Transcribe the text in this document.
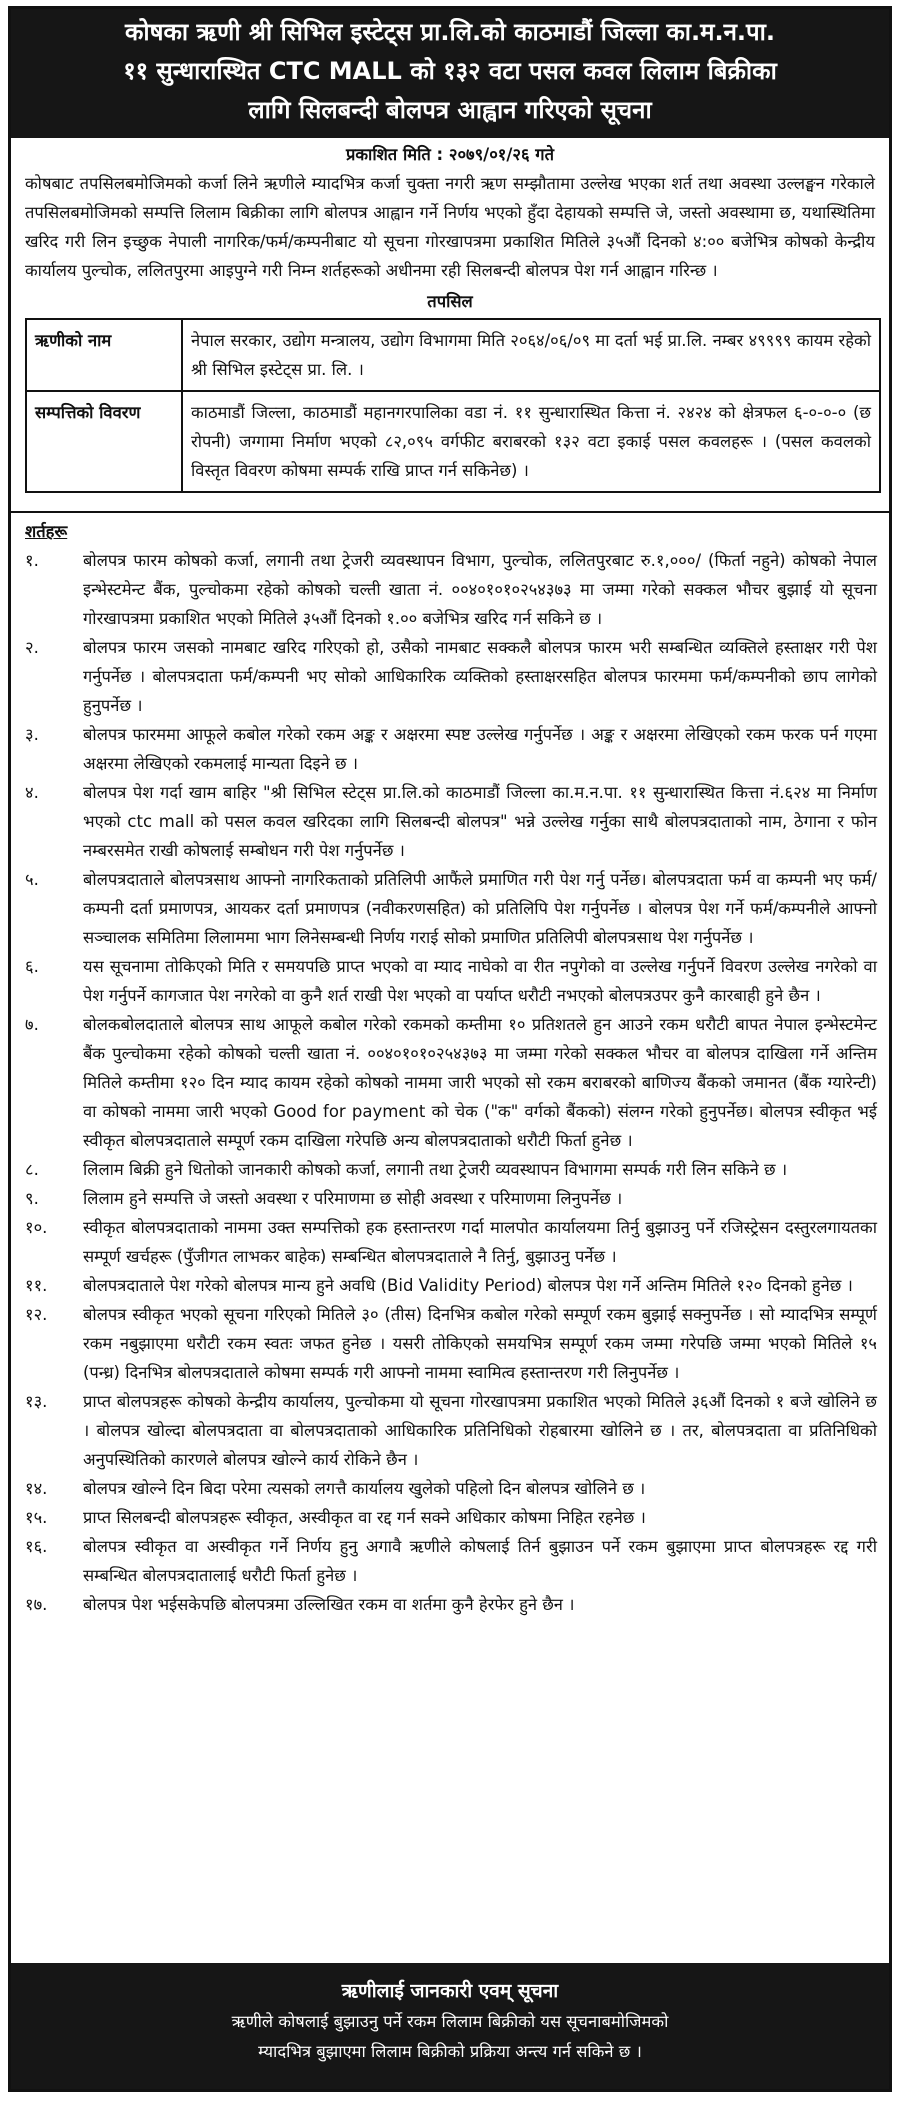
कोषका ऋणी श्री सिभिल इस्टेट्स प्रा.लि.को काठमाडौं जिल्ला का.म.न.पा.
११ सुन्धारास्थित CTC MALL को १३२ वटा पसल कवल लिलाम बिक्रीका
लागि सिलबन्दी बोलपत्र आह्वान गरिएको सूचना
प्रकाशित मिति : २०७९/०१/२६ गते
कोषबाट तपसिलबमोजिमको कर्जा लिने ऋणीले म्यादभित्र कर्जा चुक्ता नगरी ऋण सम्झौतामा उल्लेख भएका शर्त तथा अवस्था उल्लङ्घन गरेकाले तपसिलबमोजिमको सम्पत्ति लिलाम बिक्रीका लागि बोलपत्र आह्वान गर्ने निर्णय भएको हुँदा देहायको सम्पत्ति जे, जस्तो अवस्थामा छ, यथास्थितिमा खरिद गरी लिन इच्छुक नेपाली नागरिक/फर्म/कम्पनीबाट यो सूचना गोरखापत्रमा प्रकाशित मितिले ३५औं दिनको ४:०० बजेभित्र कोषको केन्द्रीय कार्यालय पुल्चोक, ललितपुरमा आइपुग्ने गरी निम्न शर्तहरूको अधीनमा रही सिलबन्दी बोलपत्र पेश गर्न आह्वान गरिन्छ ।
तपसिल
ऋणीको नाम	नेपाल सरकार, उद्योग मन्त्रालय, उद्योग विभागमा मिति २०६४/०६/०९ मा दर्ता भई प्रा.लि. नम्बर ४९९९९ कायम रहेको श्री सिभिल इस्टेट्स प्रा. लि. ।
सम्पत्तिको विवरण	काठमाडौं जिल्ला, काठमाडौं महानगरपालिका वडा नं. ११ सुन्धारास्थित कित्ता नं. २४२४ को क्षेत्रफल ६-०-०-० (छ रोपनी) जग्गामा निर्माण भएको ८२,०९५ वर्गफीट बराबरको १३२ वटा इकाई पसल कवलहरू । (पसल कवलको विस्तृत विवरण कोषमा सम्पर्क राखि प्राप्त गर्न सकिनेछ) ।
शर्तहरू
१.	बोलपत्र फारम कोषको कर्जा, लगानी तथा ट्रेजरी व्यवस्थापन विभाग, पुल्चोक, ललितपुरबाट रु.१,०००/ (फिर्ता नहुने) कोषको नेपाल इन्भेस्टमेन्ट बैंक, पुल्चोकमा रहेको कोषको चल्ती खाता नं. ००४०१०१०२५४३७३ मा जम्मा गरेको सक्कल भौचर बुझाई यो सूचना गोरखापत्रमा प्रकाशित भएको मितिले ३५औं दिनको १.०० बजेभित्र खरिद गर्न सकिने छ ।
२.	बोलपत्र फारम जसको नामबाट खरिद गरिएको हो, उसैको नामबाट सक्कलै बोलपत्र फारम भरी सम्बन्धित व्यक्तिले हस्ताक्षर गरी पेश गर्नुपर्नेछ । बोलपत्रदाता फर्म/कम्पनी भए सोको आधिकारिक व्यक्तिको हस्ताक्षरसहित बोलपत्र फारममा फर्म/कम्पनीको छाप लागेको हुनुपर्नेछ ।
३.	बोलपत्र फारममा आफूले कबोल गरेको रकम अङ्क र अक्षरमा स्पष्ट उल्लेख गर्नुपर्नेछ । अङ्क र अक्षरमा लेखिएको रकम फरक पर्न गएमा अक्षरमा लेखिएको रकमलाई मान्यता दिइने छ ।
४.	बोलपत्र पेश गर्दा खाम बाहिर "श्री सिभिल स्टेट्स प्रा.लि.को काठमाडौं जिल्ला का.म.न.पा. ११ सुन्धारास्थित कित्ता नं.६२४ मा निर्माण भएको ctc mall को पसल कवल खरिदका लागि सिलबन्दी बोलपत्र" भन्ने उल्लेख गर्नुका साथै बोलपत्रदाताको नाम, ठेगाना र फोन नम्बरसमेत राखी कोषलाई सम्बोधन गरी पेश गर्नुपर्नेछ ।
५.	बोलपत्रदाताले बोलपत्रसाथ आफ्नो नागरिकताको प्रतिलिपी आफैंले प्रमाणित गरी पेश गर्नु पर्नेछ। बोलपत्रदाता फर्म वा कम्पनी भए फर्म/कम्पनी दर्ता प्रमाणपत्र, आयकर दर्ता प्रमाणपत्र (नवीकरणसहित) को प्रतिलिपि पेश गर्नुपर्नेछ । बोलपत्र पेश गर्ने फर्म/कम्पनीले आफ्नो सञ्चालक समितिमा लिलाममा भाग लिनेसम्बन्धी निर्णय गराई सोको प्रमाणित प्रतिलिपी बोलपत्रसाथ पेश गर्नुपर्नेछ ।
६.	यस सूचनामा तोकिएको मिति र समयपछि प्राप्त भएको वा म्याद नाघेको वा रीत नपुगेको वा उल्लेख गर्नुपर्ने विवरण उल्लेख नगरेको वा पेश गर्नुपर्ने कागजात पेश नगरेको वा कुनै शर्त राखी पेश भएको वा पर्याप्त धरौटी नभएको बोलपत्रउपर कुनै कारबाही हुने छैन ।
७.	बोलकबोलदाताले बोलपत्र साथ आफूले कबोल गरेको रकमको कम्तीमा १० प्रतिशतले हुन आउने रकम धरौटी बापत नेपाल इन्भेस्टमेन्ट बैंक पुल्चोकमा रहेको कोषको चल्ती खाता नं. ००४०१०१०२५४३७३ मा जम्मा गरेको सक्कल भौचर वा बोलपत्र दाखिला गर्ने अन्तिम मितिले कम्तीमा १२० दिन म्याद कायम रहेको कोषको नाममा जारी भएको सो रकम बराबरको बाणिज्य बैंकको जमानत (बैंक ग्यारेन्टी) वा कोषको नाममा जारी भएको Good for payment को चेक ("क" वर्गको बैंकको) संलग्न गरेको हुनुपर्नेछ। बोलपत्र स्वीकृत भई स्वीकृत बोलपत्रदाताले सम्पूर्ण रकम दाखिला गरेपछि अन्य बोलपत्रदाताको धरौटी फिर्ता हुनेछ ।
८.	लिलाम बिक्री हुने धितोको जानकारी कोषको कर्जा, लगानी तथा ट्रेजरी व्यवस्थापन विभागमा सम्पर्क गरी लिन सकिने छ ।
९.	लिलाम हुने सम्पत्ति जे जस्तो अवस्था र परिमाणमा छ सोही अवस्था र परिमाणमा लिनुपर्नेछ ।
१०.	स्वीकृत बोलपत्रदाताको नाममा उक्त सम्पत्तिको हक हस्तान्तरण गर्दा मालपोत कार्यालयमा तिर्नु बुझाउनु पर्ने रजिस्ट्रेसन दस्तुरलगायतका सम्पूर्ण खर्चहरू (पुँजीगत लाभकर बाहेक) सम्बन्धित बोलपत्रदाताले नै तिर्नु, बुझाउनु पर्नेछ ।
११.	बोलपत्रदाताले पेश गरेको बोलपत्र मान्य हुने अवधि (Bid Validity Period) बोलपत्र पेश गर्ने अन्तिम मितिले १२० दिनको हुनेछ ।
१२.	बोलपत्र स्वीकृत भएको सूचना गरिएको मितिले ३० (तीस) दिनभित्र कबोल गरेको सम्पूर्ण रकम बुझाई सक्नुपर्नेछ । सो म्यादभित्र सम्पूर्ण रकम नबुझाएमा धरौटी रकम स्वतः जफत हुनेछ । यसरी तोकिएको समयभित्र सम्पूर्ण रकम जम्मा गरेपछि जम्मा भएको मितिले १५ (पन्ध्र) दिनभित्र बोलपत्रदाताले कोषमा सम्पर्क गरी आफ्नो नाममा स्वामित्व हस्तान्तरण गरी लिनुपर्नेछ ।
१३.	प्राप्त बोलपत्रहरू कोषको केन्द्रीय कार्यालय, पुल्चोकमा यो सूचना गोरखापत्रमा प्रकाशित भएको मितिले ३६औं दिनको १ बजे खोलिने छ । बोलपत्र खोल्दा बोलपत्रदाता वा बोलपत्रदाताको आधिकारिक प्रतिनिधिको रोहबारमा खोलिने छ । तर, बोलपत्रदाता वा प्रतिनिधिको अनुपस्थितिको कारणले बोलपत्र खोल्ने कार्य रोकिने छैन ।
१४.	बोलपत्र खोल्ने दिन बिदा परेमा त्यसको लगत्तै कार्यालय खुलेको पहिलो दिन बोलपत्र खोलिने छ ।
१५.	प्राप्त सिलबन्दी बोलपत्रहरू स्वीकृत, अस्वीकृत वा रद्द गर्न सक्ने अधिकार कोषमा निहित रहनेछ ।
१६.	बोलपत्र स्वीकृत वा अस्वीकृत गर्ने निर्णय हुनु अगावै ऋणीले कोषलाई तिर्न बुझाउन पर्ने रकम बुझाएमा प्राप्त बोलपत्रहरू रद्द गरी सम्बन्धित बोलपत्रदातालाई धरौटी फिर्ता हुनेछ ।
१७.	बोलपत्र पेश भईसकेपछि बोलपत्रमा उल्लिखित रकम वा शर्तमा कुनै हेरफेर हुने छैन ।
ऋणीलाई जानकारी एवम् सूचना
ऋणीले कोषलाई बुझाउनु पर्ने रकम लिलाम बिक्रीको यस सूचनाबमोजिमको
म्यादभित्र बुझाएमा लिलाम बिक्रीको प्रक्रिया अन्त्य गर्न सकिने छ ।
